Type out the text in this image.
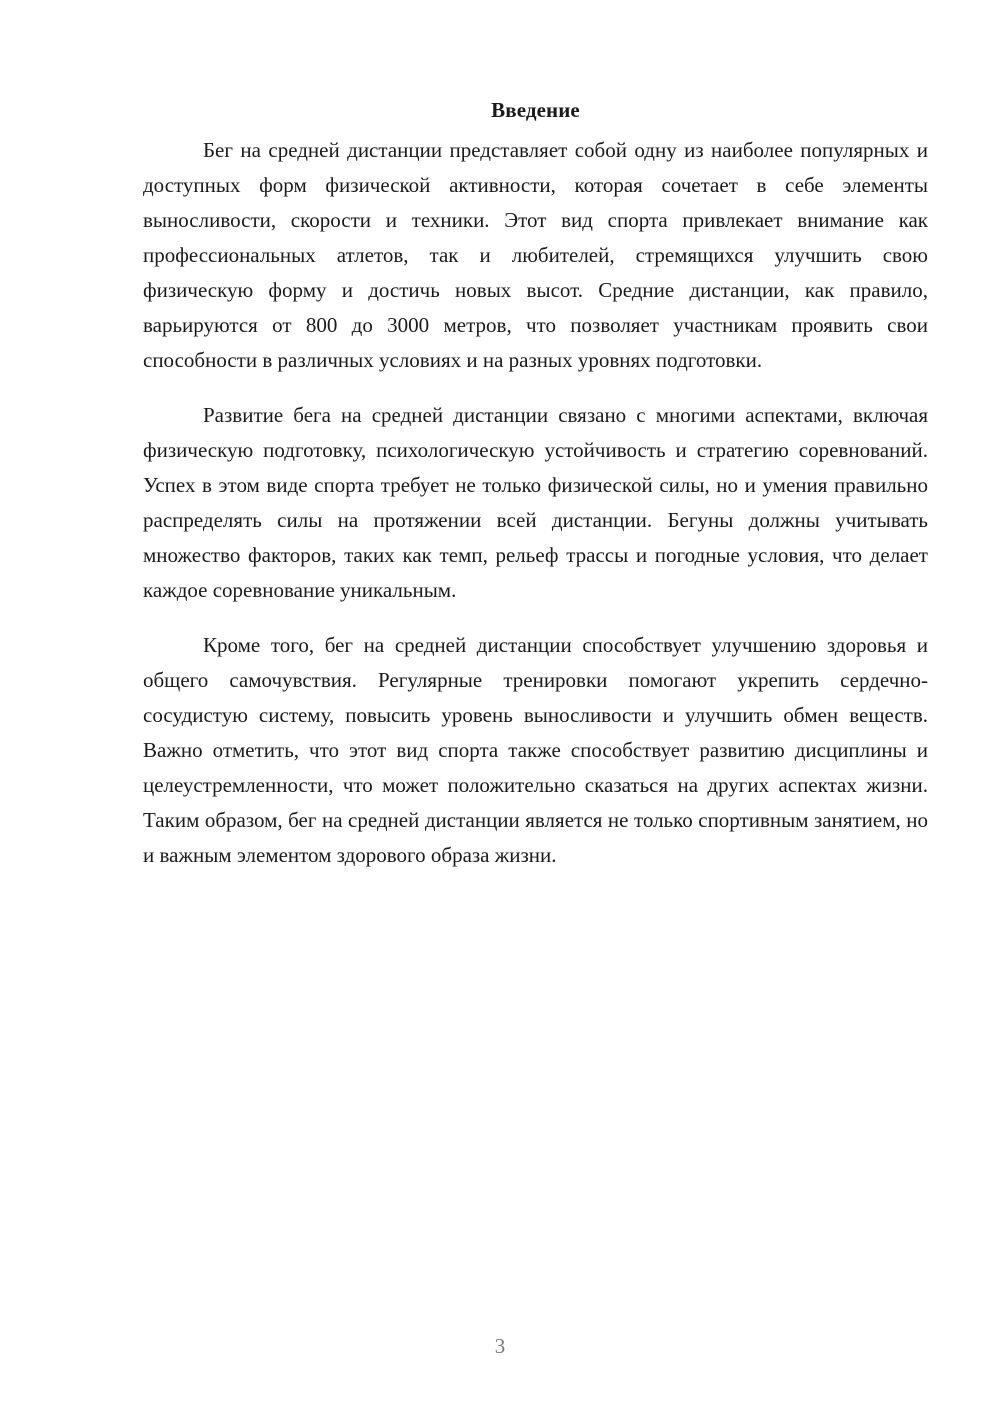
Введение

Бег на средней дистанции представляет собой одну из наиболее популярных и доступных форм физической активности, которая сочетает в себе элементы выносливости, скорости и техники. Этот вид спорта привлекает внимание как профессиональных атлетов, так и любителей, стремящихся улучшить свою физическую форму и достичь новых высот. Средние дистанции, как правило, варьируются от 800 до 3000 метров, что позволяет участникам проявить свои способности в различных условиях и на разных уровнях подготовки.

Развитие бега на средней дистанции связано с многими аспектами, включая физическую подготовку, психологическую устойчивость и стратегию соревнований. Успех в этом виде спорта требует не только физической силы, но и умения правильно распределять силы на протяжении всей дистанции. Бегуны должны учитывать множество факторов, таких как темп, рельеф трассы и погодные условия, что делает каждое соревнование уникальным.

Кроме того, бег на средней дистанции способствует улучшению здоровья и общего самочувствия. Регулярные тренировки помогают укрепить сердечно-сосудистую систему, повысить уровень выносливости и улучшить обмен веществ. Важно отметить, что этот вид спорта также способствует развитию дисциплины и целеустремленности, что может положительно сказаться на других аспектах жизни. Таким образом, бег на средней дистанции является не только спортивным занятием, но и важным элементом здорового образа жизни.

3
